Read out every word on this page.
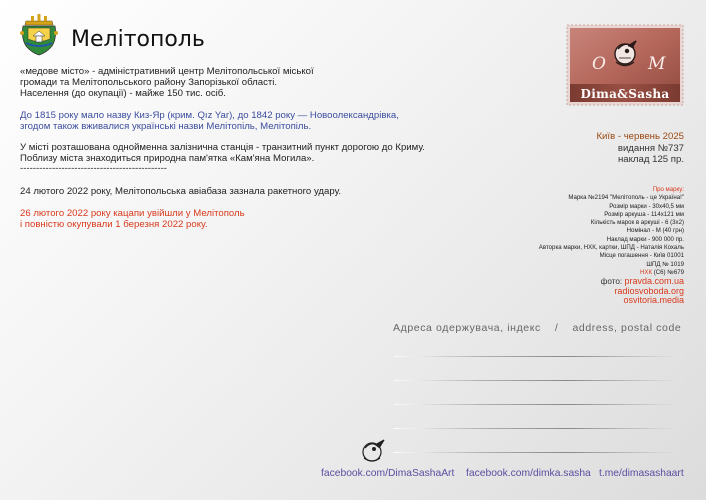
Мелітополь
«медове місто» - адміністративний центр Мелітопольської міської
громади та Мелітопольського району Запорізької області.
Населення (до окупації) - майже 150 тис. осіб.
До 1815 року мало назву Киз-Яр (крим. Qız Yar), до 1842 року — Новоолександрівка,
згодом також вживалися українські назви Мелітопіль, Мелітопіль.
У місті розташована однойменна залізнична станція - транзитний пункт дорогою до Криму.
Поблизу міста знаходиться природна пам'ятка «Кам'яна Могила».
----------------------------------------------
24 лютого 2022 року, Мелітопольська авіабаза зазнала ракетного удару.
26 лютого 2022 року кацапи увійшли у Мелітополь
і повністю окупували 1 березня 2022 року.
O M
Dima&Sasha
Київ - червень 2025
видання №737
наклад 125 пр.
Про марку:
Марка №2194 "Мелітополь - це Україна!"
Розмір марки - 30х40,5 мм
Розмір аркуша - 114х121 мм
Кількість марок в аркуші - 6 (3х2)
Номінал - М (40 грн)
Наклад марки - 900 000 пр.
Авторка марки, НХК, картки, ШПД - Наталія Кохаль
Місце погашення - Київ 01001
ШПД № 1019
НХК (С6) №679
фото: pravda.com.ua
radiosvoboda.org
osvitoria.media
Адреса одержувача, індекс / address, postal code
facebook.com/DimaSashaArt facebook.com/dimka.sasha t.me/dimasashaart
